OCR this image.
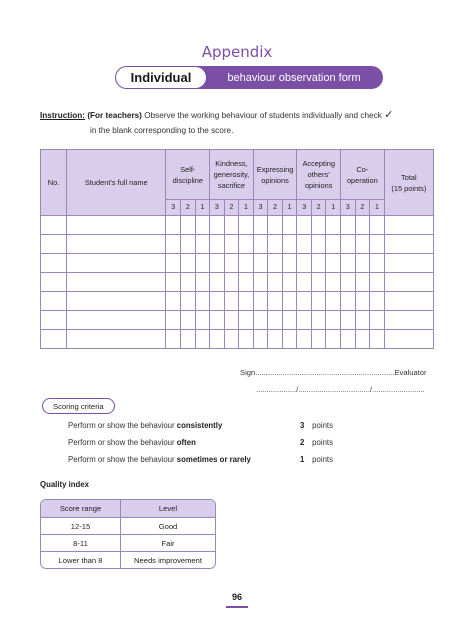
Appendix
Individual	behaviour observation form
Instruction: (For teachers) Observe the working behaviour of students individually and check ✓
in the blank corresponding to the score.
No.	Student’s full name	Self-discipline			Kindness, generosity, sacrifice			Expressing opinions			Accepting others’ opinions			Co-operation			Total
(15 points)
		3	2	1	3	2	1	3	2	1	3	2	1	3	2	1	

Sign..................................................................Evaluator
.................../................................../.........................
Scoring criteria
Perform or show the behaviour consistently	3 points
Perform or show the behaviour often	2 points
Perform or show the behaviour sometimes or rarely	1 points
Quality index
Score range	Level
12-15	Good
8-11	Fair
Lower than 8	Needs improvement
96
